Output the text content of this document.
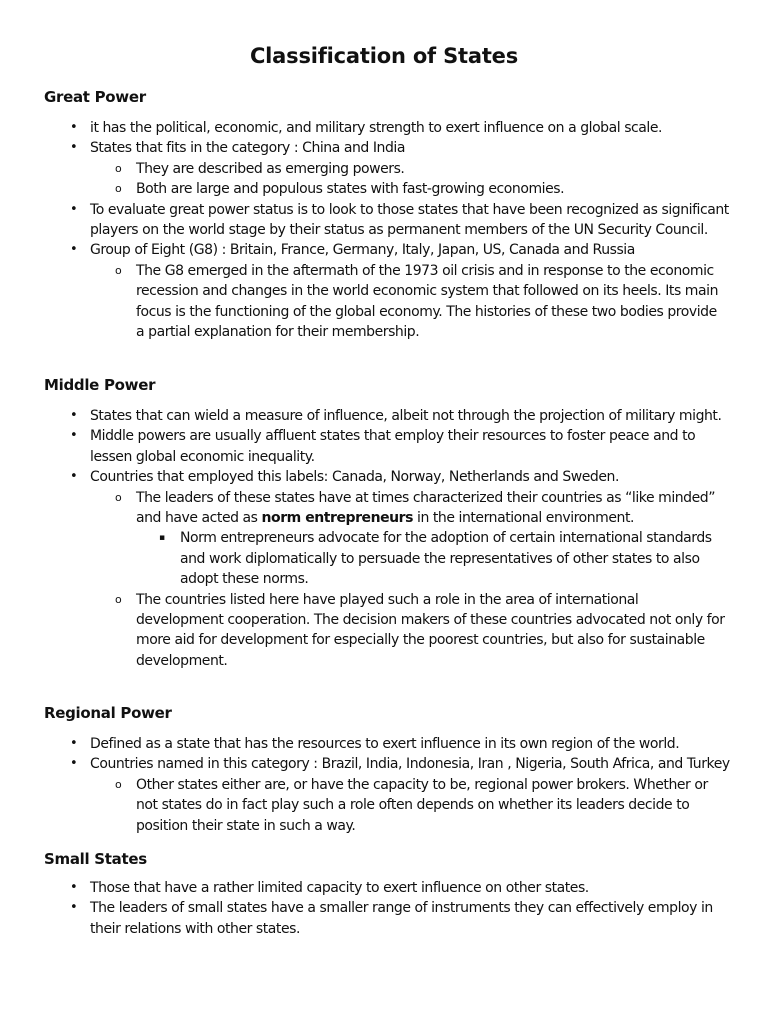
Classification of States
Great Power
• it has the political, economic, and military strength to exert influence on a global scale.
• States that fits in the category : China and India
o They are described as emerging powers.
o Both are large and populous states with fast-growing economies.
• To evaluate great power status is to look to those states that have been recognized as significant players on the world stage by their status as permanent members of the UN Security Council.
• Group of Eight (G8) : Britain, France, Germany, Italy, Japan, US, Canada and Russia
o The G8 emerged in the aftermath of the 1973 oil crisis and in response to the economic recession and changes in the world economic system that followed on its heels. Its main focus is the functioning of the global economy. The histories of these two bodies provide a partial explanation for their membership.
Middle Power
• States that can wield a measure of influence, albeit not through the projection of military might.
• Middle powers are usually affluent states that employ their resources to foster peace and to lessen global economic inequality.
• Countries that employed this labels: Canada, Norway, Netherlands and Sweden.
o The leaders of these states have at times characterized their countries as “like minded” and have acted as norm entrepreneurs in the international environment.
▪ Norm entrepreneurs advocate for the adoption of certain international standards and work diplomatically to persuade the representatives of other states to also adopt these norms.
o The countries listed here have played such a role in the area of international development cooperation. The decision makers of these countries advocated not only for more aid for development for especially the poorest countries, but also for sustainable development.
Regional Power
• Defined as a state that has the resources to exert influence in its own region of the world.
• Countries named in this category : Brazil, India, Indonesia, Iran , Nigeria, South Africa, and Turkey
o Other states either are, or have the capacity to be, regional power brokers. Whether or not states do in fact play such a role often depends on whether its leaders decide to position their state in such a way.
Small States
• Those that have a rather limited capacity to exert influence on other states.
• The leaders of small states have a smaller range of instruments they can effectively employ in their relations with other states.
